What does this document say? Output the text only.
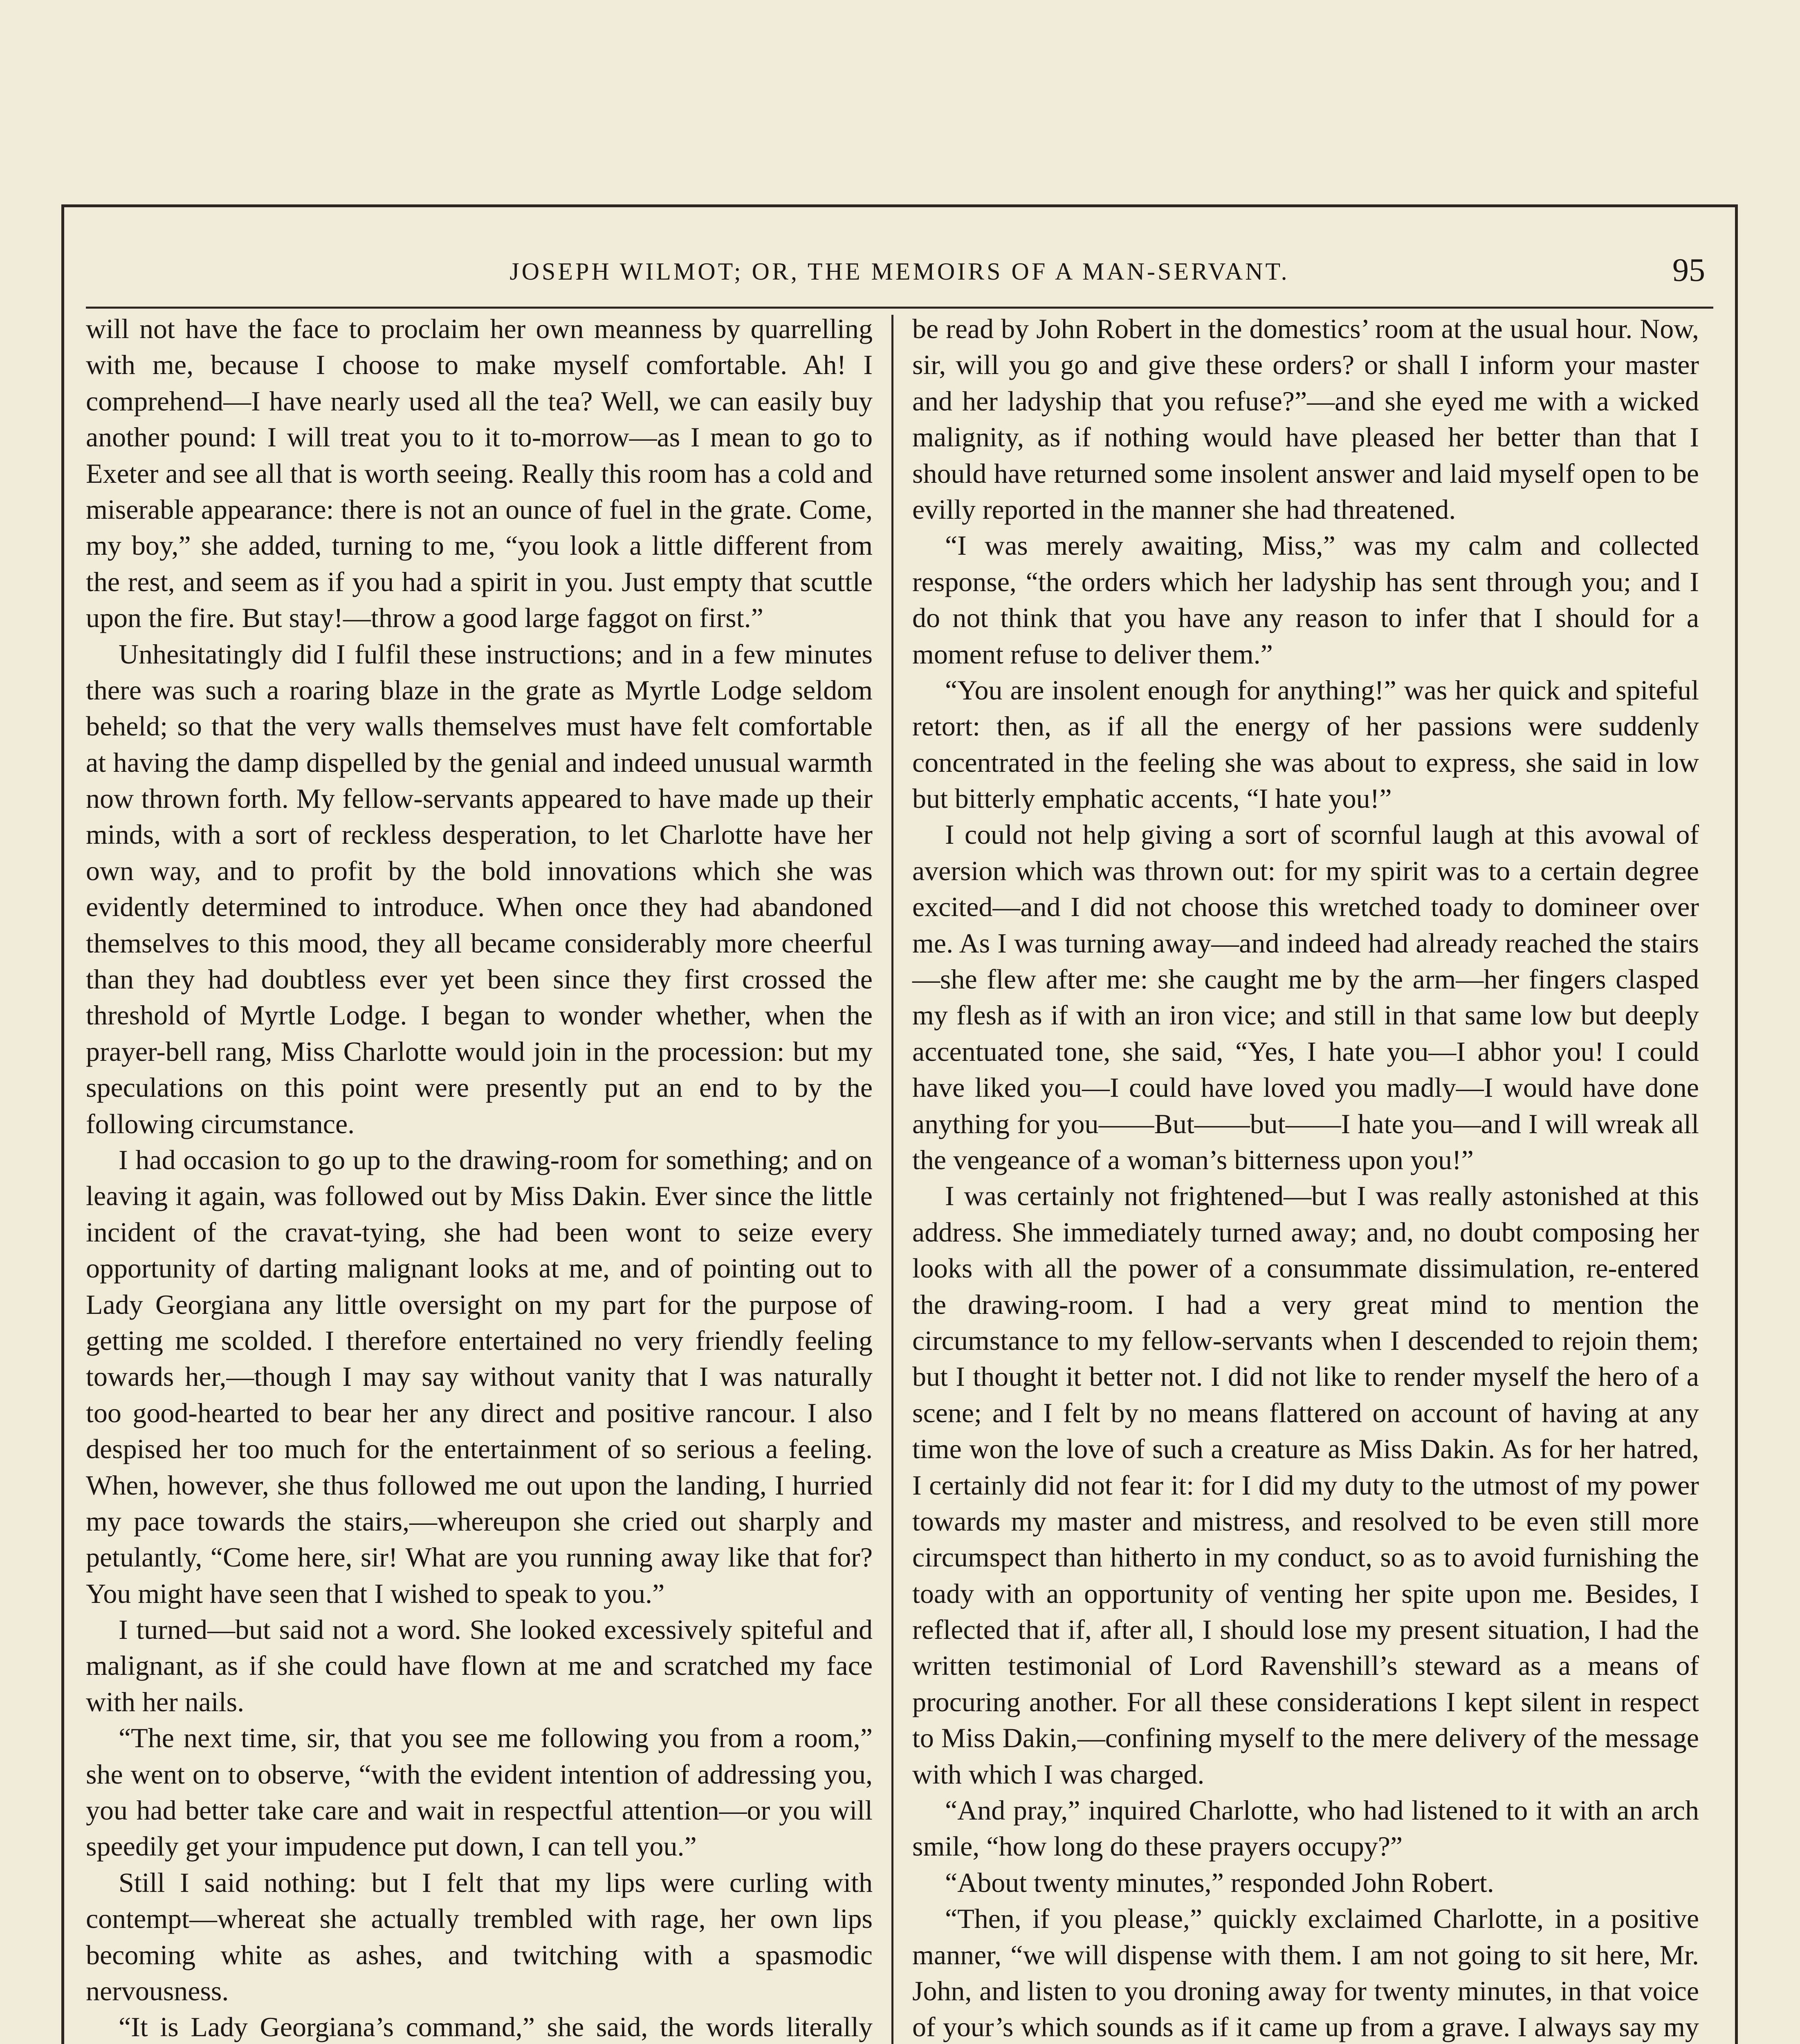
JOSEPH WILMOT; OR, THE MEMOIRS OF A MAN-SERVANT.	95

will not have the face to proclaim her own meanness by quarrelling with me, because I choose to make myself comfortable. Ah! I comprehend—I have nearly used all the tea? Well, we can easily buy another pound: I will treat you to it to-morrow—as I mean to go to Exeter and see all that is worth seeing. Really this room has a cold and miserable appearance: there is not an ounce of fuel in the grate. Come, my boy,” she added, turning to me, “you look a little different from the rest, and seem as if you had a spirit in you. Just empty that scuttle upon the fire. But stay!—throw a good large faggot on first.”

Unhesitatingly did I fulfil these instructions; and in a few minutes there was such a roaring blaze in the grate as Myrtle Lodge seldom beheld; so that the very walls themselves must have felt comfortable at having the damp dispelled by the genial and indeed unusual warmth now thrown forth. My fellow-servants appeared to have made up their minds, with a sort of reckless desperation, to let Charlotte have her own way, and to profit by the bold innovations which she was evidently determined to introduce. When once they had abandoned themselves to this mood, they all became considerably more cheerful than they had doubtless ever yet been since they first crossed the threshold of Myrtle Lodge. I began to wonder whether, when the prayer-bell rang, Miss Charlotte would join in the procession: but my speculations on this point were presently put an end to by the following circumstance.

I had occasion to go up to the drawing-room for something; and on leaving it again, was followed out by Miss Dakin. Ever since the little incident of the cravat-tying, she had been wont to seize every opportunity of darting malignant looks at me, and of pointing out to Lady Georgiana any little oversight on my part for the purpose of getting me scolded. I therefore entertained no very friendly feeling towards her,—though I may say without vanity that I was naturally too good-hearted to bear her any direct and positive rancour. I also despised her too much for the entertainment of so serious a feeling. When, however, she thus followed me out upon the landing, I hurried my pace towards the stairs,—whereupon she cried out sharply and petulantly, “Come here, sir! What are you running away like that for? You might have seen that I wished to speak to you.”

I turned—but said not a word. She looked excessively spiteful and malignant, as if she could have flown at me and scratched my face with her nails.

“The next time, sir, that you see me following you from a room,” she went on to observe, “with the evident intention of addressing you, you had better take care and wait in respectful attention—or you will speedily get your impudence put down, I can tell you.”

Still I said nothing: but I felt that my lips were curling with contempt—whereat she actually trembled with rage, her own lips becoming white as ashes, and twitching with a spasmodic nervousness.

“It is Lady Georgiana’s command,” she said, the words literally

be read by John Robert in the domestics’ room at the usual hour. Now, sir, will you go and give these orders? or shall I inform your master and her ladyship that you refuse?”—and she eyed me with a wicked malignity, as if nothing would have pleased her better than that I should have returned some insolent answer and laid myself open to be evilly reported in the manner she had threatened.

“I was merely awaiting, Miss,” was my calm and collected response, “the orders which her ladyship has sent through you; and I do not think that you have any reason to infer that I should for a moment refuse to deliver them.”

“You are insolent enough for anything!” was her quick and spiteful retort: then, as if all the energy of her passions were suddenly concentrated in the feeling she was about to express, she said in low but bitterly emphatic accents, “I hate you!”

I could not help giving a sort of scornful laugh at this avowal of aversion which was thrown out: for my spirit was to a certain degree excited—and I did not choose this wretched toady to domineer over me. As I was turning away—and indeed had already reached the stairs—she flew after me: she caught me by the arm—her fingers clasped my flesh as if with an iron vice; and still in that same low but deeply accentuated tone, she said, “Yes, I hate you—I abhor you! I could have liked you—I could have loved you madly—I would have done anything for you——But——but——I hate you—and I will wreak all the vengeance of a woman’s bitterness upon you!”

I was certainly not frightened—but I was really astonished at this address. She immediately turned away; and, no doubt composing her looks with all the power of a consummate dissimulation, re-entered the drawing-room. I had a very great mind to mention the circumstance to my fellow-servants when I descended to rejoin them; but I thought it better not. I did not like to render myself the hero of a scene; and I felt by no means flattered on account of having at any time won the love of such a creature as Miss Dakin. As for her hatred, I certainly did not fear it: for I did my duty to the utmost of my power towards my master and mistress, and resolved to be even still more circumspect than hitherto in my conduct, so as to avoid furnishing the toady with an opportunity of venting her spite upon me. Besides, I reflected that if, after all, I should lose my present situation, I had the written testimonial of Lord Ravenshill’s steward as a means of procuring another. For all these considerations I kept silent in respect to Miss Dakin,—confining myself to the mere delivery of the message with which I was charged.

“And pray,” inquired Charlotte, who had listened to it with an arch smile, “how long do these prayers occupy?”

“About twenty minutes,” responded John Robert.

“Then, if you please,” quickly exclaimed Charlotte, in a positive manner, “we will dispense with them. I am not going to sit here, Mr. John, and listen to you droning away for twenty minutes, in that voice of your’s which sounds as if it came up from a grave. I always say my
